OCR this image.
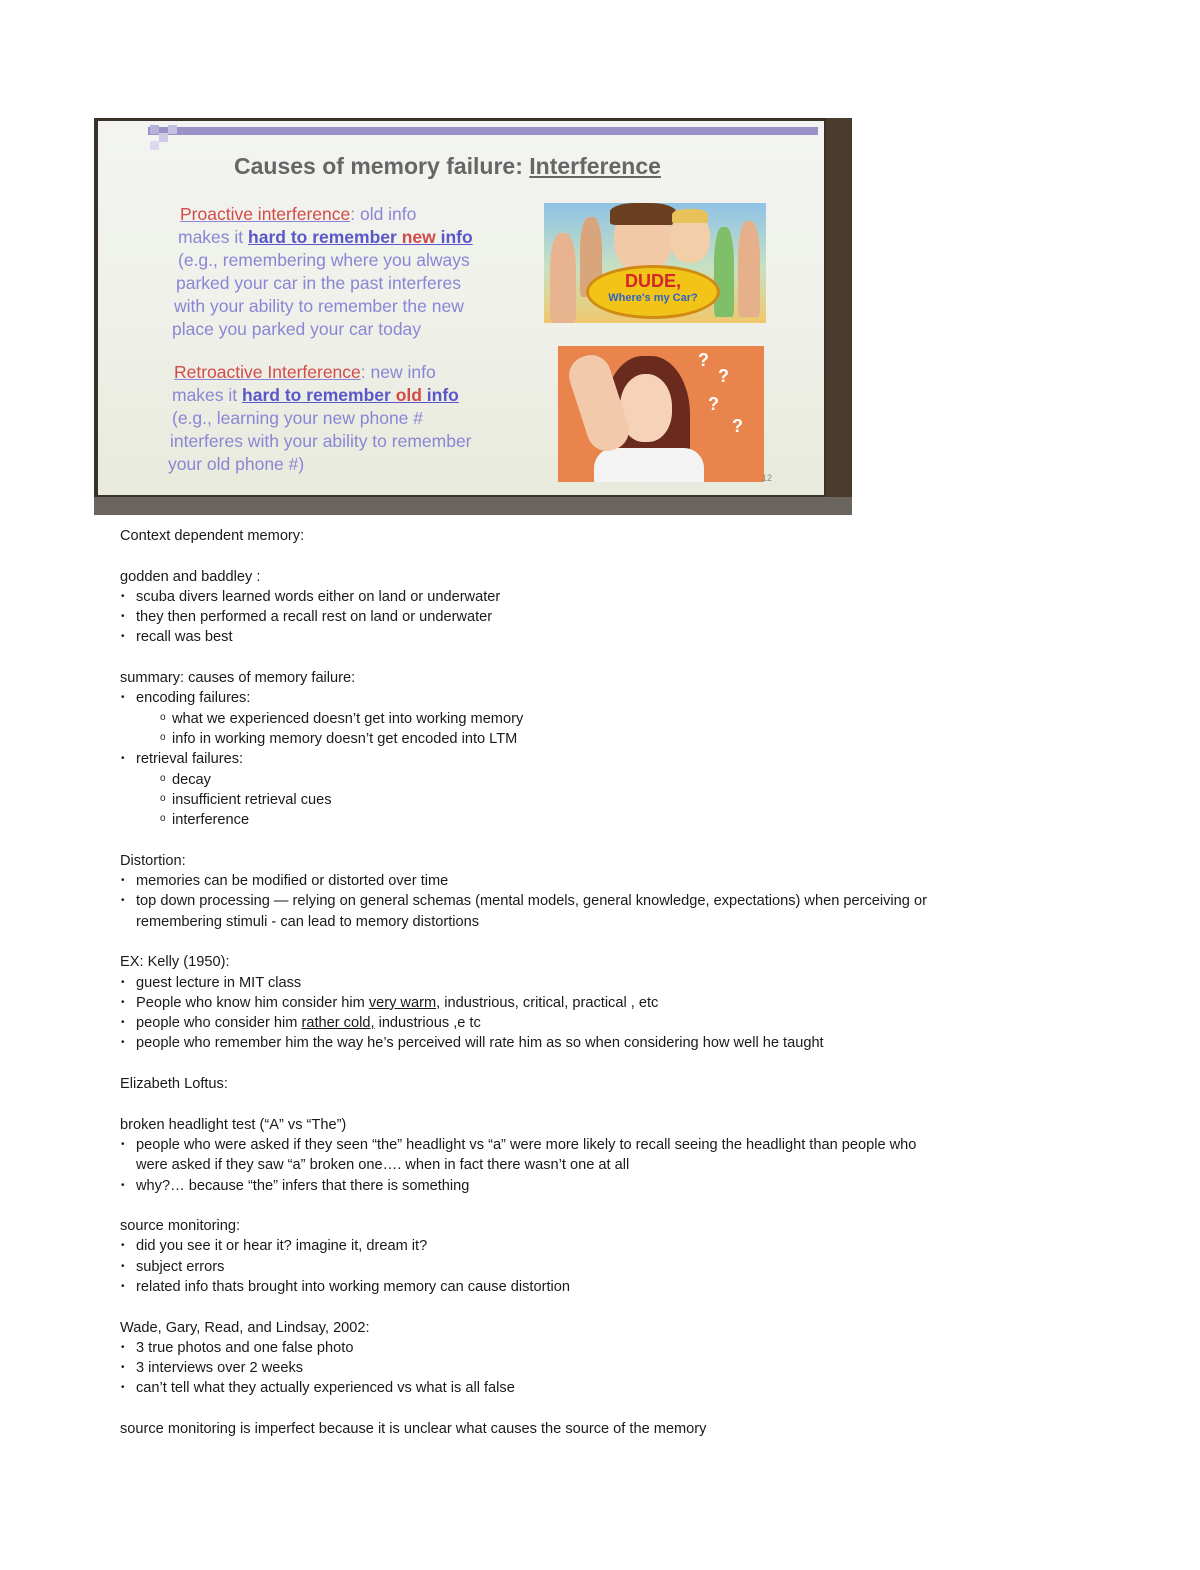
Causes of memory failure: Interference
Proactive interference: old info
makes it hard to remember new info
(e.g., remembering where you always
parked your car in the past interferes
with your ability to remember the new
place you parked your car today
Retroactive Interference: new info
makes it hard to remember old info
(e.g., learning your new phone #
interferes with your ability to remember
your old phone #)
DUDE,
Where's my Car?
?
?
?
?
12

Context dependent memory:

godden and baddley :

• scuba divers learned words either on land or underwater
• they then performed a recall rest on land or underwater
• recall was best

summary: causes of memory failure:

• encoding failures:
o what we experienced doesn’t get into working memory
o info in working memory doesn’t get encoded into LTM
• retrieval failures:
o decay
o insufficient retrieval cues
o interference

Distortion:

• memories can be modified or distorted over time
• top down processing — relying on general schemas (mental models, general knowledge, expectations) when perceiving or
remembering stimuli - can lead to memory distortions

EX: Kelly (1950):

• guest lecture in MIT class
• People who know him consider him very warm, industrious, critical, practical , etc
• people who consider him rather cold, industrious ,e tc
• people who remember him the way he’s perceived will rate him as so when considering how well he taught

Elizabeth Loftus:

broken headlight test (“A” vs “The”)

• people who were asked if they seen “the” headlight vs “a” were more likely to recall seeing the headlight than people who
were asked if they saw “a” broken one…. when in fact there wasn’t one at all
• why?… because “the” infers that there is something

source monitoring:

• did you see it or hear it? imagine it, dream it?
• subject errors
• related info thats brought into working memory can cause distortion

Wade, Gary, Read, and Lindsay, 2002:

• 3 true photos and one false photo
• 3 interviews over 2 weeks
• can’t tell what they actually experienced vs what is all false

source monitoring is imperfect because it is unclear what causes the source of the memory
